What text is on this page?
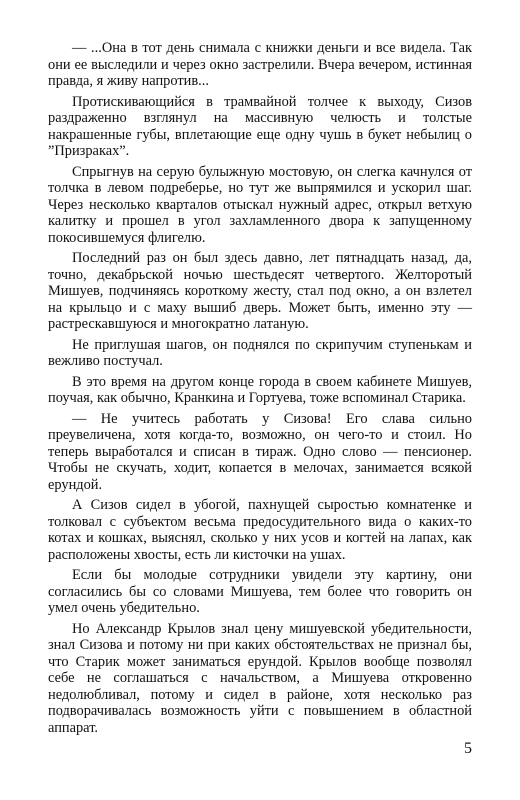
— ...Она в тот день снимала с книжки деньги и все видела. Так они ее выследили и через окно застрелили. Вчера вечером, истинная правда, я живу напротив...

Протискивающийся в трамвайной толчее к выходу, Сизов раздраженно взглянул на массивную челюсть и толстые накрашенные губы, вплетающие еще одну чушь в букет небылиц о ”Призраках”.

Спрыгнув на серую булыжную мостовую, он слегка качнулся от толчка в левом подреберье, но тут же выпрямился и ускорил шаг. Через несколько кварталов отыскал нужный адрес, открыл ветхую калитку и прошел в угол захламленного двора к запущенному покосившемуся флигелю.

Последний раз он был здесь давно, лет пятнадцать назад, да, точно, декабрьской ночью шестьдесят четвертого. Желторотый Мишуев, подчиняясь короткому жесту, стал под окно, а он взлетел на крыльцо и с маху вышиб дверь. Может быть, именно эту — растрескавшуюся и многократно латаную.

Не приглушая шагов, он поднялся по скрипучим ступенькам и вежливо постучал.

В это время на другом конце города в своем кабинете Мишуев, поучая, как обычно, Кранкина и Гортуева, тоже вспоминал Старика.

— Не учитесь работать у Сизова! Его слава сильно преувеличена, хотя когда-то, возможно, он чего-то и стоил. Но теперь выработался и списан в тираж. Одно слово — пенсионер. Чтобы не скучать, ходит, копается в мелочах, занимается всякой ерундой.

А Сизов сидел в убогой, пахнущей сыростью комнатенке и толковал с субъектом весьма предосудительного вида о каких-то котах и кошках, выяснял, сколько у них усов и когтей на лапах, как расположены хвосты, есть ли кисточки на ушах.

Если бы молодые сотрудники увидели эту картину, они согласились бы со словами Мишуева, тем более что говорить он умел очень убедительно.

Но Александр Крылов знал цену мишуевской убедительности, знал Сизова и потому ни при каких обстоятельствах не признал бы, что Старик может заниматься ерундой. Крылов вообще позволял себе не соглашаться с начальством, а Мишуева откровенно недолюбливал, потому и сидел в районе, хотя несколько раз подворачивалась возможность уйти с повышением в областной аппарат.

5
